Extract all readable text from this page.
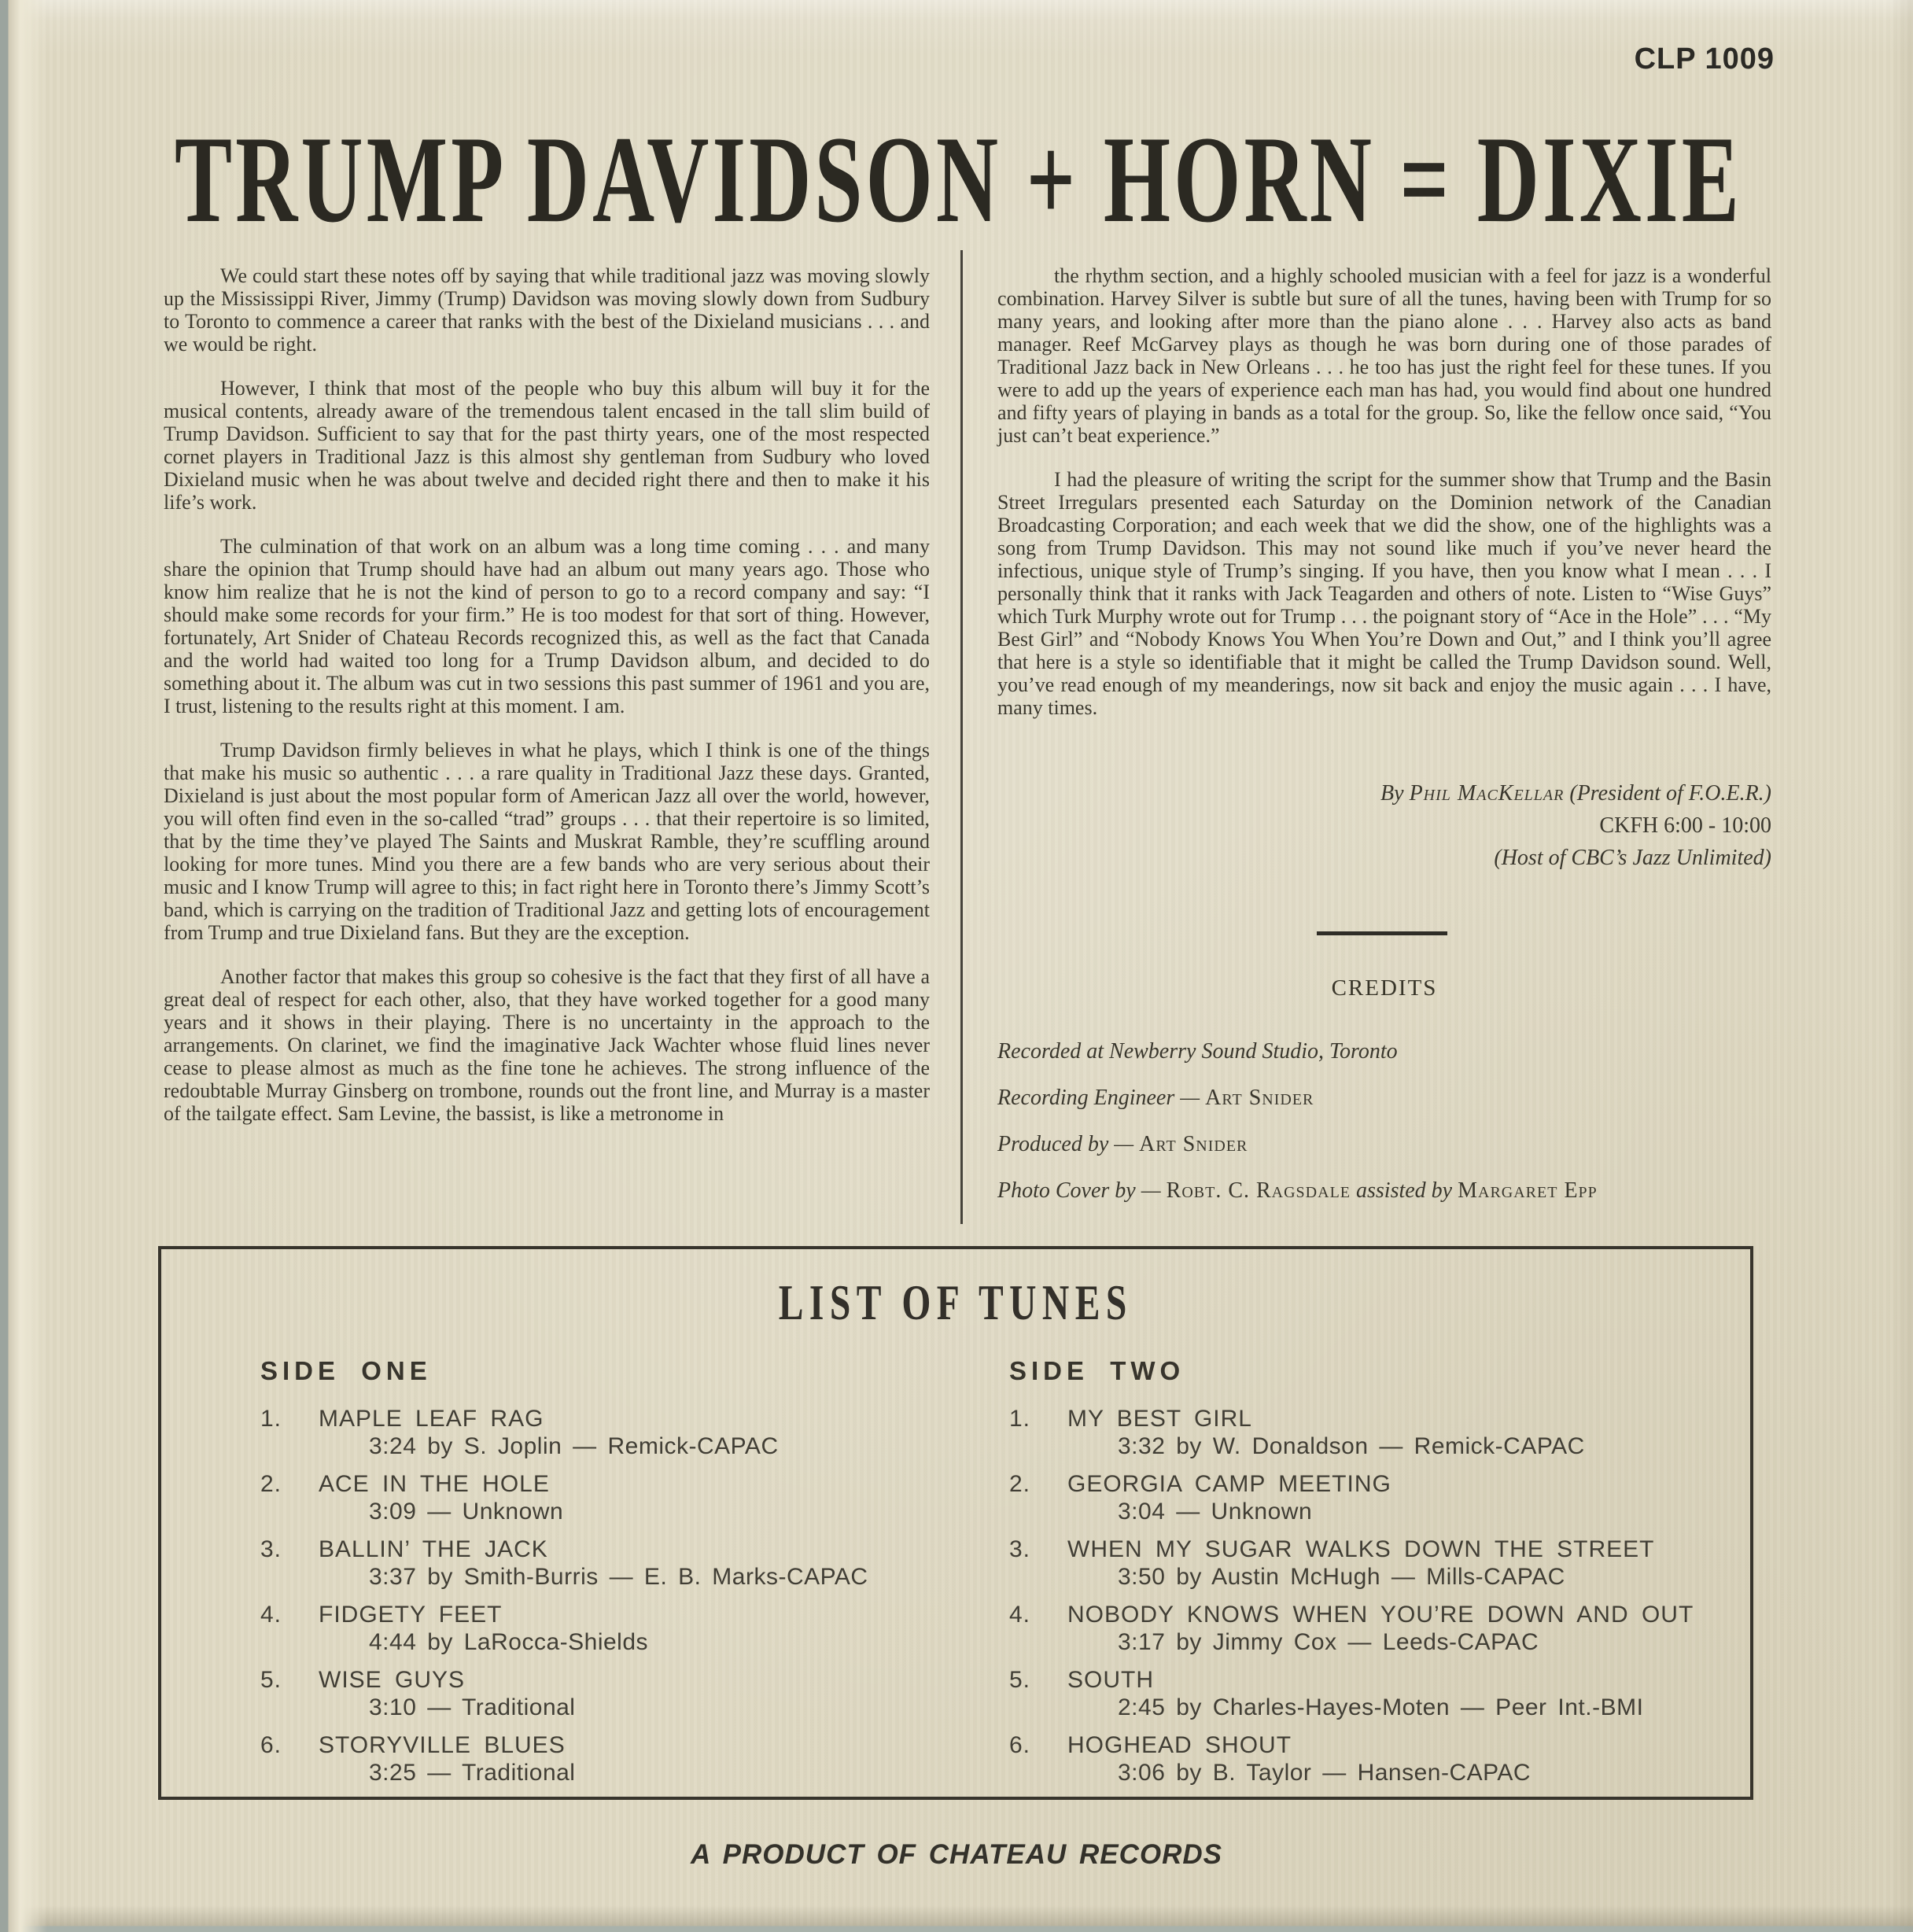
CLP 1009
TRUMP DAVIDSON + HORN = DIXIE

We could start these notes off by saying that while traditional jazz was moving slowly up the Mississippi River, Jimmy (Trump) Davidson was moving slowly down from Sudbury to Toronto to commence a career that ranks with the best of the Dixieland musicians . . . and we would be right.

However, I think that most of the people who buy this album will buy it for the musical contents, already aware of the tremendous talent encased in the tall slim build of Trump Davidson. Sufficient to say that for the past thirty years, one of the most respected cornet players in Traditional Jazz is this almost shy gentleman from Sudbury who loved Dixieland music when he was about twelve and decided right there and then to make it his life’s work.

The culmination of that work on an album was a long time coming . . . and many share the opinion that Trump should have had an album out many years ago. Those who know him realize that he is not the kind of person to go to a record company and say: “I should make some records for your firm.” He is too modest for that sort of thing. However, fortunately, Art Snider of Chateau Records recognized this, as well as the fact that Canada and the world had waited too long for a Trump Davidson album, and decided to do something about it. The album was cut in two sessions this past summer of 1961 and you are, I trust, listening to the results right at this moment. I am.

Trump Davidson firmly believes in what he plays, which I think is one of the things that make his music so authentic . . . a rare quality in Traditional Jazz these days. Granted, Dixieland is just about the most popular form of American Jazz all over the world, however, you will often find even in the so-called “trad” groups . . . that their repertoire is so limited, that by the time they’ve played The Saints and Muskrat Ramble, they’re scuffling around looking for more tunes. Mind you there are a few bands who are very serious about their music and I know Trump will agree to this; in fact right here in Toronto there’s Jimmy Scott’s band, which is carrying on the tradition of Traditional Jazz and getting lots of encouragement from Trump and true Dixieland fans. But they are the exception.

Another factor that makes this group so cohesive is the fact that they first of all have a great deal of respect for each other, also, that they have worked together for a good many years and it shows in their playing. There is no uncertainty in the approach to the arrangements. On clarinet, we find the imaginative Jack Wachter whose fluid lines never cease to please almost as much as the fine tone he achieves. The strong influence of the redoubtable Murray Ginsberg on trombone, rounds out the front line, and Murray is a master of the tailgate effect. Sam Levine, the bassist, is like a metronome in

the rhythm section, and a highly schooled musician with a feel for jazz is a wonderful combination. Harvey Silver is subtle but sure of all the tunes, having been with Trump for so many years, and looking after more than the piano alone . . . Harvey also acts as band manager. Reef McGarvey plays as though he was born during one of those parades of Traditional Jazz back in New Orleans . . . he too has just the right feel for these tunes. If you were to add up the years of experience each man has had, you would find about one hundred and fifty years of playing in bands as a total for the group. So, like the fellow once said, “You just can’t beat experience.”

I had the pleasure of writing the script for the summer show that Trump and the Basin Street Irregulars presented each Saturday on the Dominion network of the Canadian Broadcasting Corporation; and each week that we did the show, one of the highlights was a song from Trump Davidson. This may not sound like much if you’ve never heard the infectious, unique style of Trump’s singing. If you have, then you know what I mean . . . I personally think that it ranks with Jack Teagarden and others of note. Listen to “Wise Guys” which Turk Murphy wrote out for Trump . . . the poignant story of “Ace in the Hole” . . . “My Best Girl” and “Nobody Knows You When You’re Down and Out,” and I think you’ll agree that here is a style so identifiable that it might be called the Trump Davidson sound. Well, you’ve read enough of my meanderings, now sit back and enjoy the music again . . . I have, many times.

By Phil MacKellar (President of F.O.E.R.)
CKFH 6:00 - 10:00
(Host of CBC’s Jazz Unlimited)
CREDITS
Recorded at Newberry Sound Studio, Toronto
Recording Engineer — Art Snider
Produced by — Art Snider
Photo Cover by — Robt. C. Ragsdale assisted by Margaret Epp
LIST OF TUNES
SIDE ONE
1. MAPLE LEAF RAG
3:24 by S. Joplin — Remick-CAPAC
2. ACE IN THE HOLE
3:09 — Unknown
3. BALLIN’ THE JACK
3:37 by Smith-Burris — E. B. Marks-CAPAC
4. FIDGETY FEET
4:44 by LaRocca-Shields
5. WISE GUYS
3:10 — Traditional
6. STORYVILLE BLUES
3:25 — Traditional
SIDE TWO
1. MY BEST GIRL
3:32 by W. Donaldson — Remick-CAPAC
2. GEORGIA CAMP MEETING
3:04 — Unknown
3. WHEN MY SUGAR WALKS DOWN THE STREET
3:50 by Austin McHugh — Mills-CAPAC
4. NOBODY KNOWS WHEN YOU’RE DOWN AND OUT
3:17 by Jimmy Cox — Leeds-CAPAC
5. SOUTH
2:45 by Charles-Hayes-Moten — Peer Int.-BMI
6. HOGHEAD SHOUT
3:06 by B. Taylor — Hansen-CAPAC
A PRODUCT OF CHATEAU RECORDS
